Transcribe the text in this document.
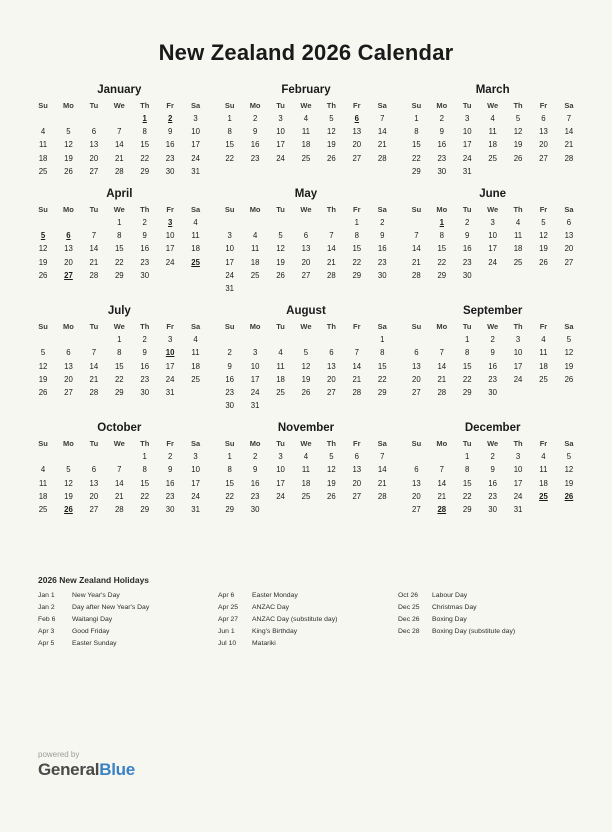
New Zealand 2026 Calendar
January
Su	Mo	Tu	We	Th	Fr	Sa
				1	2	3
4	5	6	7	8	9	10
11	12	13	14	15	16	17
18	19	20	21	22	23	24
25	26	27	28	29	30	31
February
Su	Mo	Tu	We	Th	Fr	Sa
1	2	3	4	5	6	7
8	9	10	11	12	13	14
15	16	17	18	19	20	21
22	23	24	25	26	27	28
March
Su	Mo	Tu	We	Th	Fr	Sa
1	2	3	4	5	6	7
8	9	10	11	12	13	14
15	16	17	18	19	20	21
22	23	24	25	26	27	28
29	30	31				
April
Su	Mo	Tu	We	Th	Fr	Sa
			1	2	3	4
5	6	7	8	9	10	11
12	13	14	15	16	17	18
19	20	21	22	23	24	25
26	27	28	29	30		
May
Su	Mo	Tu	We	Th	Fr	Sa
					1	2
3	4	5	6	7	8	9
10	11	12	13	14	15	16
17	18	19	20	21	22	23
24	25	26	27	28	29	30
31						
June
Su	Mo	Tu	We	Th	Fr	Sa
	1	2	3	4	5	6
7	8	9	10	11	12	13
14	15	16	17	18	19	20
21	22	23	24	25	26	27
28	29	30				
July
Su	Mo	Tu	We	Th	Fr	Sa
			1	2	3	4
5	6	7	8	9	10	11
12	13	14	15	16	17	18
19	20	21	22	23	24	25
26	27	28	29	30	31	
August
Su	Mo	Tu	We	Th	Fr	Sa
						1
2	3	4	5	6	7	8
9	10	11	12	13	14	15
16	17	18	19	20	21	22
23	24	25	26	27	28	29
30	31					
September
Su	Mo	Tu	We	Th	Fr	Sa
		1	2	3	4	5
6	7	8	9	10	11	12
13	14	15	16	17	18	19
20	21	22	23	24	25	26
27	28	29	30			
October
Su	Mo	Tu	We	Th	Fr	Sa
				1	2	3
4	5	6	7	8	9	10
11	12	13	14	15	16	17
18	19	20	21	22	23	24
25	26	27	28	29	30	31
November
Su	Mo	Tu	We	Th	Fr	Sa
1	2	3	4	5	6	7
8	9	10	11	12	13	14
15	16	17	18	19	20	21
22	23	24	25	26	27	28
29	30					
December
Su	Mo	Tu	We	Th	Fr	Sa
		1	2	3	4	5
6	7	8	9	10	11	12
13	14	15	16	17	18	19
20	21	22	23	24	25	26
27	28	29	30	31		
2026 New Zealand Holidays
Jan 1	New Year's Day
Jan 2	Day after New Year's Day
Feb 6	Waitangi Day
Apr 3	Good Friday
Apr 5	Easter Sunday
Apr 6	Easter Monday
Apr 25	ANZAC Day
Apr 27	ANZAC Day (substitute day)
Jun 1	King's Birthday
Jul 10	Matariki
Oct 26	Labour Day
Dec 25	Christmas Day
Dec 26	Boxing Day
Dec 28	Boxing Day (substitute day)
powered by
GeneralBlue
